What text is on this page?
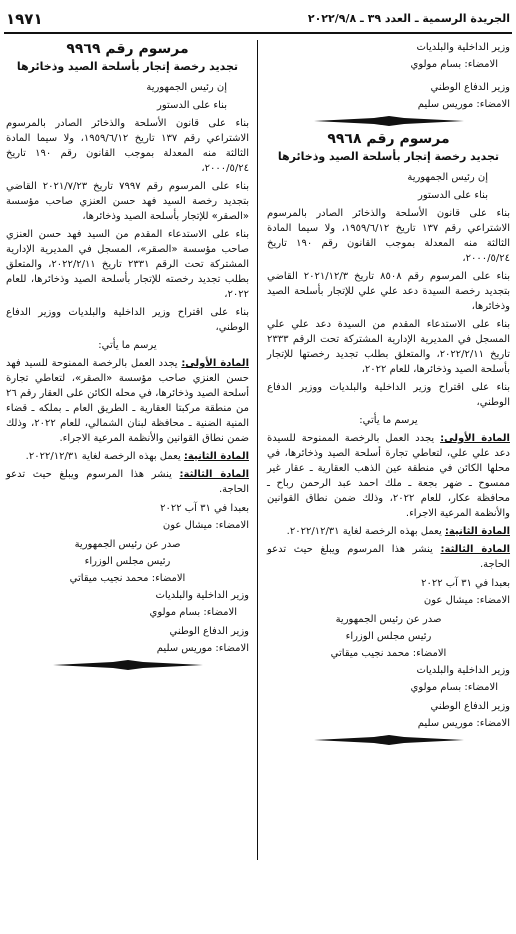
الجريدة الرسمية ـ العدد ٣٩ ـ ٢٠٢٢/٩/٨
١٩٧١

وزير الداخلية والبلديات

الامضاء: بسام مولوي

وزير الدفاع الوطني

الامضاء: موريس سليم

مرسوم رقم ٩٩٦٨
تجديد رخصة إتجار بأسلحة الصيد وذخائرها

إن رئيس الجمهورية

بناء على الدستور

بناء على قانون الأسلحة والذخائر الصادر بالمرسوم الاشتراعي رقم ١٣٧ تاريخ ١٩٥٩/٦/١٢، ولا سيما المادة الثالثة منه المعدلة بموجب القانون رقم ١٩٠ تاريخ ٢٠٠٠/٥/٢٤،

بناء على المرسوم رقم ٨٥٠٨ تاريخ ٢٠٢١/١٢/٣ القاضي بتجديد رخصة السيدة دعد علي علي للإتجار بأسلحة الصيد وذخائرها،

بناء على الاستدعاء المقدم من السيدة دعد علي علي المسجل في المديرية الإدارية المشتركة تحت الرقم ٢٣٣٣ تاريخ ٢٠٢٢/٢/١١، والمتعلق بطلب تجديد رخصتها للإتجار بأسلحة الصيد وذخائرها، للعام ٢٠٢٢،

بناء على اقتراح وزير الداخلية والبلديات ووزير الدفاع الوطني،

يرسم ما يأتي:

المادة الأولى: يجدد العمل بالرخصة الممنوحة للسيدة دعد علي علي، لتعاطي تجارة أسلحة الصيد وذخائرها، في محلها الكائن في منطقة عين الذهب العقارية ـ عقار غير ممسوح ـ ضهر بجعة ـ ملك احمد عبد الرحمن رباح ـ محافظة عكار، للعام ٢٠٢٢، وذلك ضمن نطاق القوانين والأنظمة المرعية الاجراء.

المادة الثانية: يعمل بهذه الرخصة لغاية ٢٠٢٢/١٢/٣١.

المادة الثالثة: ينشر هذا المرسوم ويبلغ حيث تدعو الحاجة.

بعبدا في ٣١ آب ٢٠٢٢

الامضاء: ميشال عون

صدر عن رئيس الجمهورية

رئيس مجلس الوزراء

الامضاء: محمد نجيب ميقاتي

وزير الداخلية والبلديات

الامضاء: بسام مولوي

وزير الدفاع الوطني

الامضاء: موريس سليم

مرسوم رقم ٩٩٦٩
تجديد رخصة إتجار بأسلحة الصيد وذخائرها

إن رئيس الجمهورية

بناء على الدستور

بناء على قانون الأسلحة والذخائر الصادر بالمرسوم الاشتراعي رقم ١٣٧ تاريخ ١٩٥٩/٦/١٢، ولا سيما المادة الثالثة منه المعدلة بموجب القانون رقم ١٩٠ تاريخ ٢٠٠٠/٥/٢٤،

بناء على المرسوم رقم ٧٩٩٧ تاريخ ٢٠٢١/٧/٢٣ القاضي بتجديد رخصة السيد فهد حسن العنزي صاحب مؤسسة «الصقر» للإتجار بأسلحة الصيد وذخائرها،

بناء على الاستدعاء المقدم من السيد فهد حسن العنزي صاحب مؤسسة «الصقر»، المسجل في المديرية الإدارية المشتركة تحت الرقم ٢٣٣١ تاريخ ٢٠٢٢/٢/١١، والمتعلق بطلب تجديد رخصته للإتجار بأسلحة الصيد وذخائرها، للعام ٢٠٢٢،

بناء على اقتراح وزير الداخلية والبلديات ووزير الدفاع الوطني،

يرسم ما يأتي:

المادة الأولى: يجدد العمل بالرخصة الممنوحة للسيد فهد حسن العنزي صاحب مؤسسة «الصقر»، لتعاطي تجارة أسلحة الصيد وذخائرها، في محله الكائن على العقار رقم ٢٦ من منطقة مركبتا العقارية ـ الطريق العام ـ بملكه ـ قضاء المنية الضنية ـ محافظة لبنان الشمالي، للعام ٢٠٢٢، وذلك ضمن نطاق القوانين والأنظمة المرعية الاجراء.

المادة الثانية: يعمل بهذه الرخصة لغاية ٢٠٢٢/١٢/٣١.

المادة الثالثة: ينشر هذا المرسوم ويبلغ حيث تدعو الحاجة.

بعبدا في ٣١ آب ٢٠٢٢

الامضاء: ميشال عون

صدر عن رئيس الجمهورية

رئيس مجلس الوزراء

الامضاء: محمد نجيب ميقاتي

وزير الداخلية والبلديات

الامضاء: بسام مولوي

وزير الدفاع الوطني

الامضاء: موريس سليم
